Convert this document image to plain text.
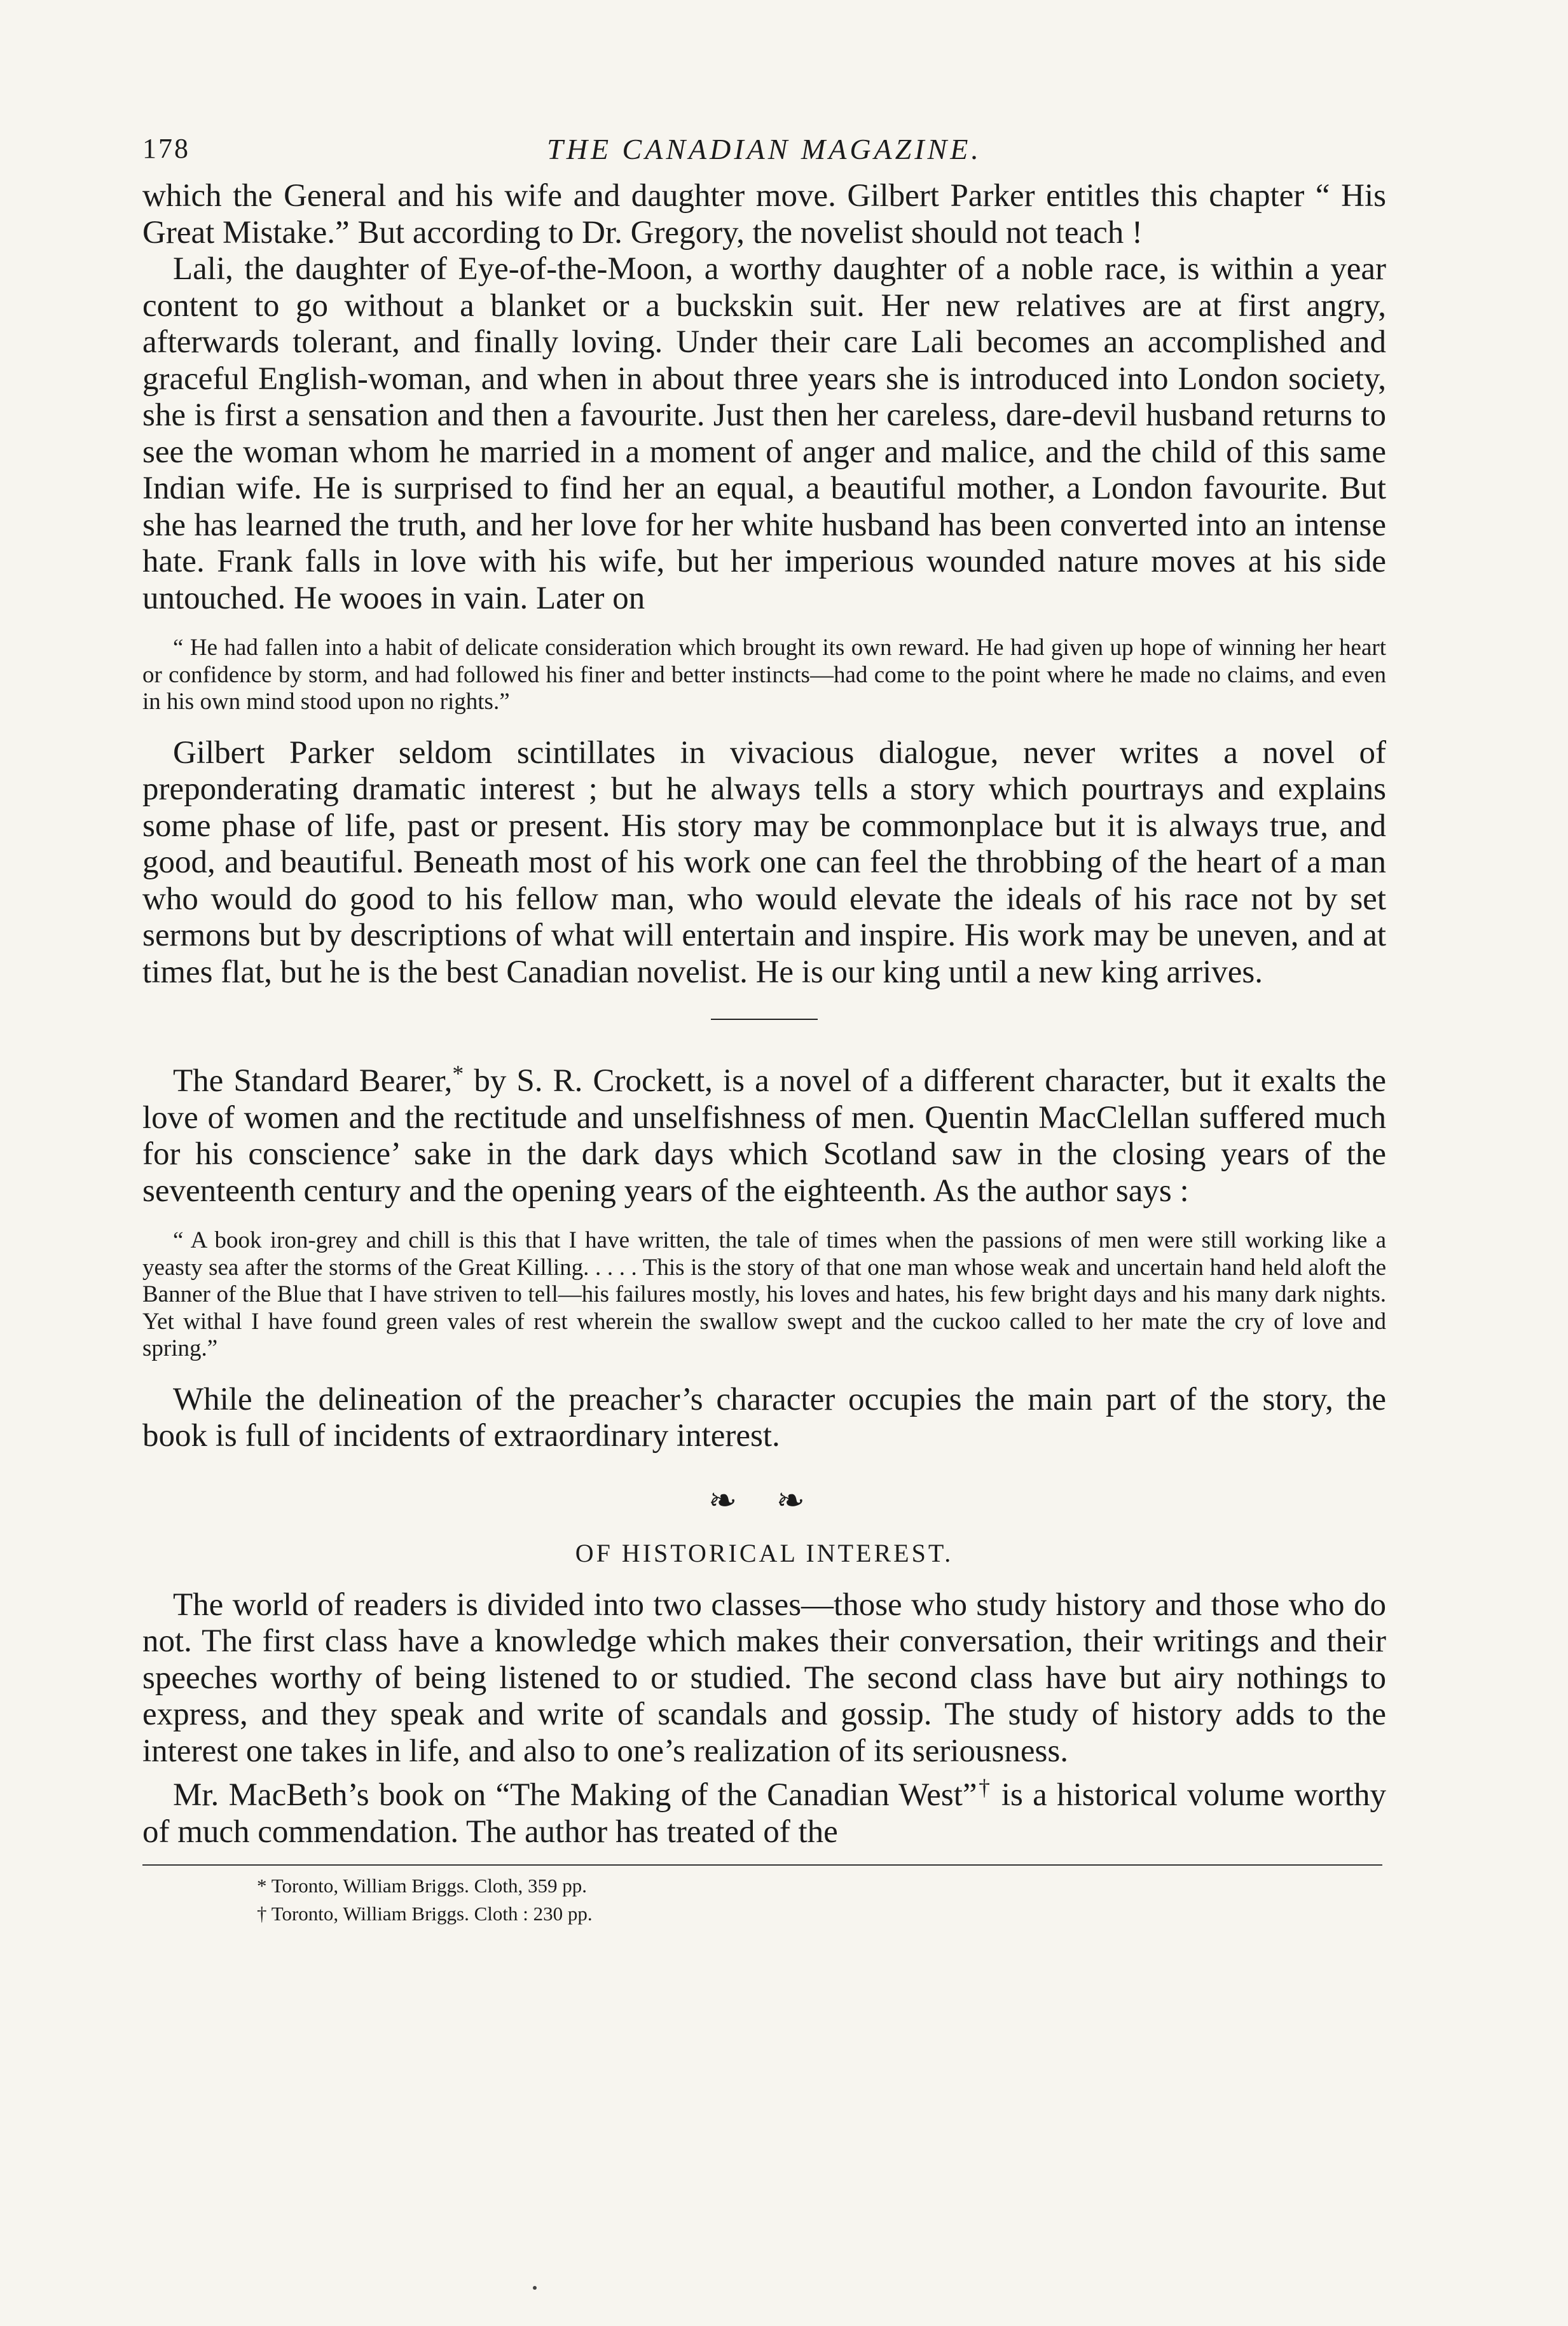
178	THE CANADIAN MAGAZINE.

which the General and his wife and daughter move. Gilbert Parker entitles this chapter “ His Great Mistake.” But according to Dr. Gregory, the novelist should not teach !

Lali, the daughter of Eye-of-the-Moon, a worthy daughter of a noble race, is within a year content to go without a blanket or a buckskin suit. Her new relatives are at first angry, afterwards tolerant, and finally loving. Under their care Lali becomes an accomplished and graceful English-woman, and when in about three years she is introduced into London society, she is first a sensation and then a favourite. Just then her careless, dare-devil husband returns to see the woman whom he married in a moment of anger and malice, and the child of this same Indian wife. He is surprised to find her an equal, a beautiful mother, a London favourite. But she has learned the truth, and her love for her white husband has been converted into an intense hate. Frank falls in love with his wife, but her imperious wounded nature moves at his side untouched. He wooes in vain. Later on

“ He had fallen into a habit of delicate consideration which brought its own reward. He had given up hope of winning her heart or confidence by storm, and had followed his finer and better instincts—had come to the point where he made no claims, and even in his own mind stood upon no rights.”

Gilbert Parker seldom scintillates in vivacious dialogue, never writes a novel of preponderating dramatic interest ; but he always tells a story which pourtrays and explains some phase of life, past or present. His story may be commonplace but it is always true, and good, and beautiful. Beneath most of his work one can feel the throbbing of the heart of a man who would do good to his fellow man, who would elevate the ideals of his race not by set sermons but by descriptions of what will entertain and inspire. His work may be uneven, and at times flat, but he is the best Canadian novelist. He is our king until a new king arrives.

The Standard Bearer,* by S. R. Crockett, is a novel of a different character, but it exalts the love of women and the rectitude and unselfishness of men. Quentin MacClellan suffered much for his conscience’ sake in the dark days which Scotland saw in the closing years of the seventeenth century and the opening years of the eighteenth. As the author says :

“ A book iron-grey and chill is this that I have written, the tale of times when the passions of men were still working like a yeasty sea after the storms of the Great Killing. . . . . This is the story of that one man whose weak and uncertain hand held aloft the Banner of the Blue that I have striven to tell—his failures mostly, his loves and hates, his few bright days and his many dark nights. Yet withal I have found green vales of rest wherein the swallow swept and the cuckoo called to her mate the cry of love and spring.”

While the delineation of the preacher’s character occupies the main part of the story, the book is full of incidents of extraordinary interest.

❧ ❧
OF HISTORICAL INTEREST.

The world of readers is divided into two classes—those who study history and those who do not. The first class have a knowledge which makes their conversation, their writings and their speeches worthy of being listened to or studied. The second class have but airy nothings to express, and they speak and write of scandals and gossip. The study of history adds to the interest one takes in life, and also to one’s realization of its seriousness.

Mr. MacBeth’s book on “The Making of the Canadian West”† is a historical volume worthy of much commendation. The author has treated of the

* Toronto, William Briggs. Cloth, 359 pp.
† Toronto, William Briggs. Cloth : 230 pp.
